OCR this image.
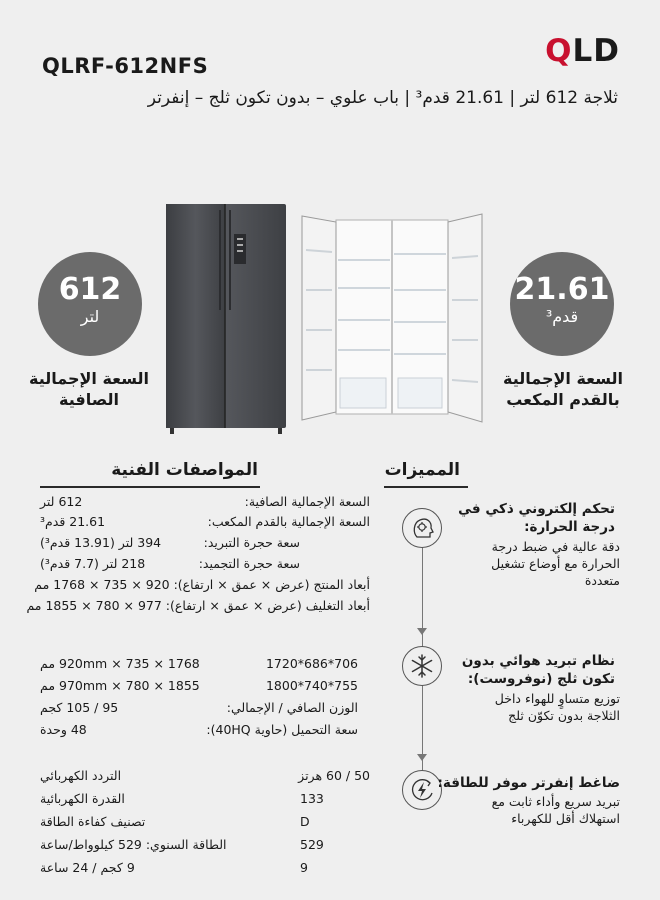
QLRF-612NFS	QLD
ثلاجة 612 لتر | 21.61 قدم³ | باب علوي – بدون تكون ثلج – إنفرتر
612
لتر
السعة الإجمالية
الصافية
21.61
قدم³
السعة الإجمالية
بالقدم المكعب
المواصفات الفنية	المميزات
السعة الإجمالية الصافية:
612 لتر
السعة الإجمالية بالقدم المكعب:
21.61 قدم³
سعة حجرة التبريد:
394 لتر (13.91 قدم³)
سعة حجرة التجميد:
218 لتر (7.7 قدم³)
أبعاد المنتج (عرض × عمق × ارتفاع): 920 × 735 × 1768 مم
أبعاد التغليف (عرض × عمق × ارتفاع): 977 × 780 × 1855 مم
1768 × 735 × 920mm مم	706*686*1720
1855 × 780 × 970mm مم	755*740*1800
الوزن الصافي / الإجمالي:
95 / 105 كجم
سعة التحميل (حاوية 40HQ):
48 وحدة
التردد الكهربائي	50 / 60 هرتز
القدرة الكهربائية	133
تصنيف كفاءة الطاقة	D
الطاقة السنوي: 529 كيلوواط/ساعة	529
9 كجم / 24 ساعة	9
تحكم إلكتروني ذكي في
درجة الحرارة:
دقة عالية في ضبط درجة
الحرارة مع أوضاع تشغيل
متعددة
نظام تبريد هوائي بدون
تكون ثلج (نوفروست):
توزيع متساوٍ للهواء داخل
الثلاجة بدون تكوّن ثلج
ضاغط إنفرتر موفر للطاقة:
تبريد سريع وأداء ثابت مع
استهلاك أقل للكهرباء
